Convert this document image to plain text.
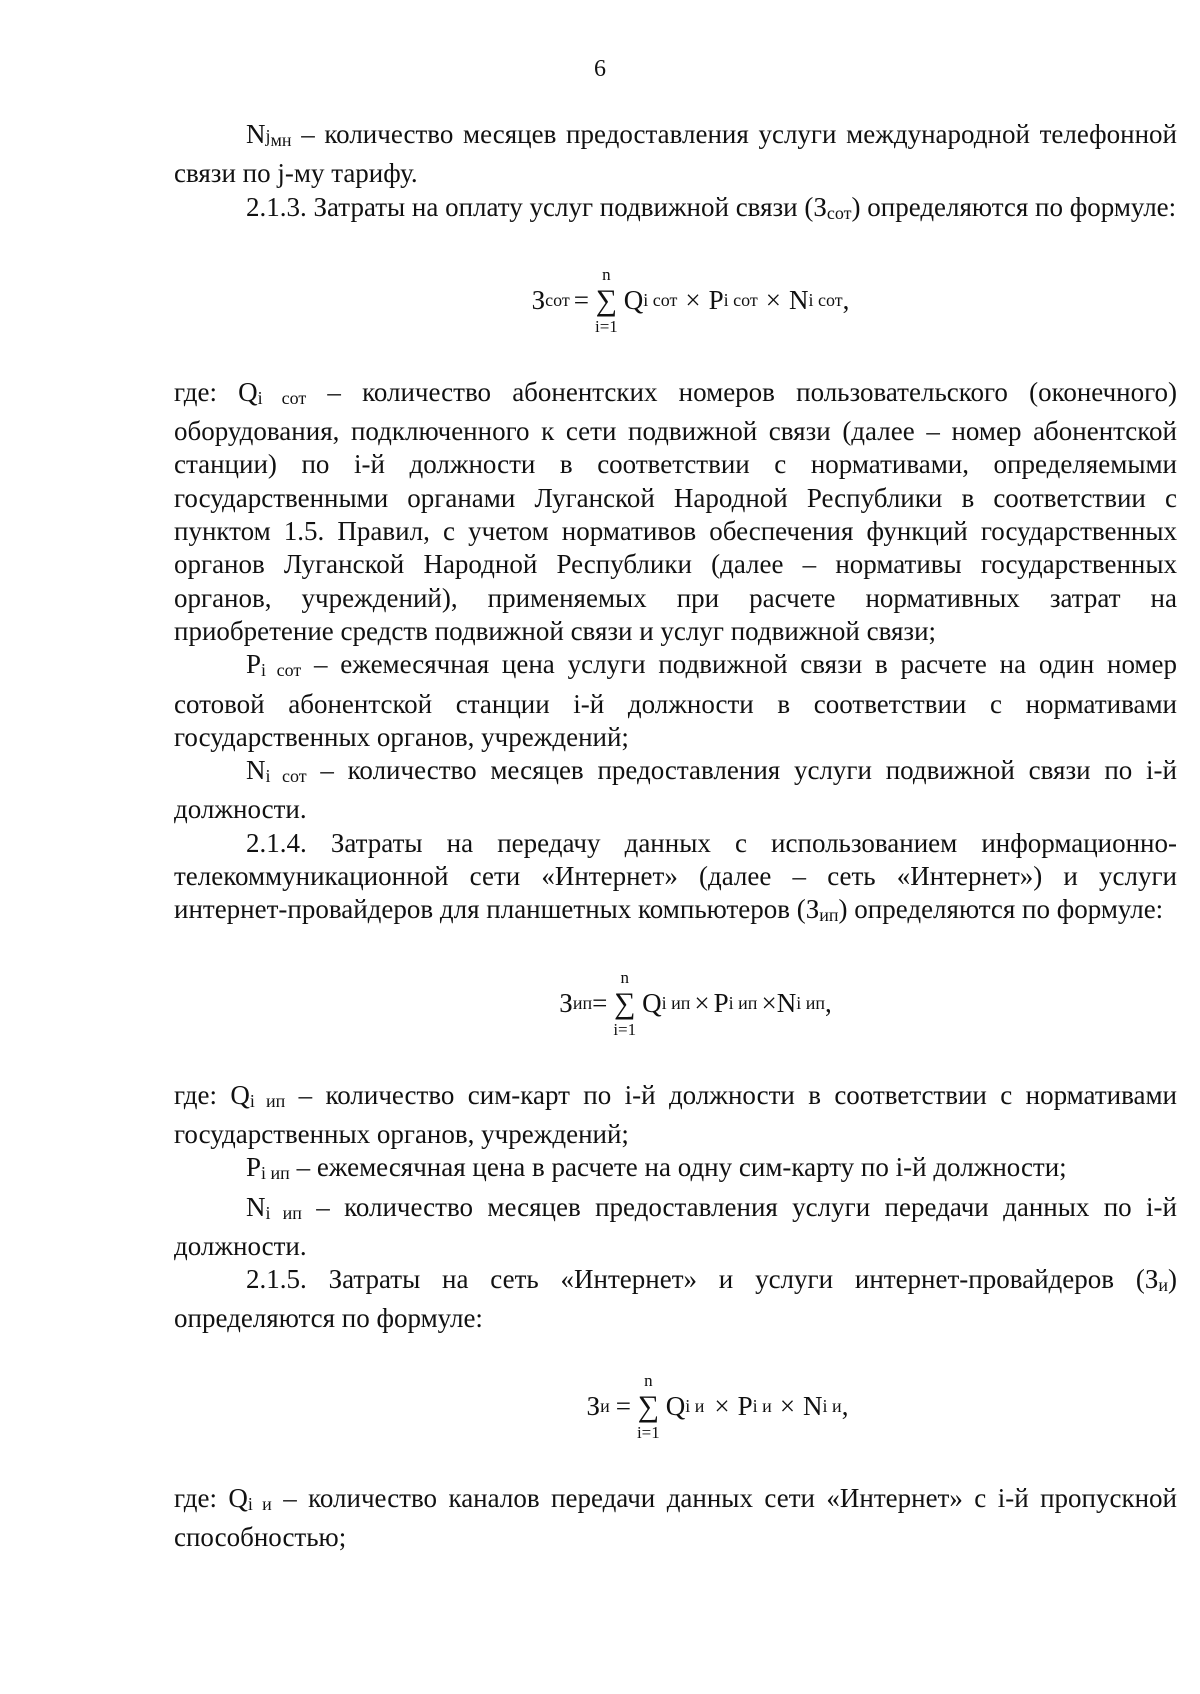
6

Njмн – количество месяцев предоставления услуги международной телефонной связи по j-му тарифу.

2.1.3. Затраты на оплату услуг подвижной связи (Зсот) определяются по формуле:

З сот =
n
∑
i=1
Q i сот × P i сот × N i сот ,

где: Qi сот – количество абонентских номеров пользовательского (оконечного) оборудования, подключенного к сети подвижной связи (далее – номер абонентской станции) по i-й должности в соответствии с нормативами, определяемыми государственными органами Луганской Народной Республики в соответствии с пунктом 1.5. Правил, с учетом нормативов обеспечения функций государственных органов Луганской Народной Республики (далее – нормативы государственных органов, учреждений), применяемых при расчете нормативных затрат на приобретение средств подвижной связи и услуг подвижной связи;

Pi сот – ежемесячная цена услуги подвижной связи в расчете на один номер сотовой абонентской станции i-й должности в соответствии с нормативами государственных органов, учреждений;

Ni сот – количество месяцев предоставления услуги подвижной связи по i-й должности.

2.1.4. Затраты на передачу данных с использованием информационно-телекоммуникационной сети «Интернет» (далее – сеть «Интернет») и услуги интернет-провайдеров для планшетных компьютеров (Зип) определяются по формуле:

З ип =
n
∑
i=1
Q i ип × P i ип × N i ип ,

где: Qi ип – количество сим-карт по i-й должности в соответствии с нормативами государственных органов, учреждений;

Pi ип – ежемесячная цена в расчете на одну сим-карту по i-й должности;

Ni ип – количество месяцев предоставления услуги передачи данных по i-й должности.

2.1.5. Затраты на сеть «Интернет» и услуги интернет-провайдеров (Зи) определяются по формуле:

З и =
n
∑
i=1
Q i и × P i и × N i и ,

где: Qi и – количество каналов передачи данных сети «Интернет» с i-й пропускной способностью;
